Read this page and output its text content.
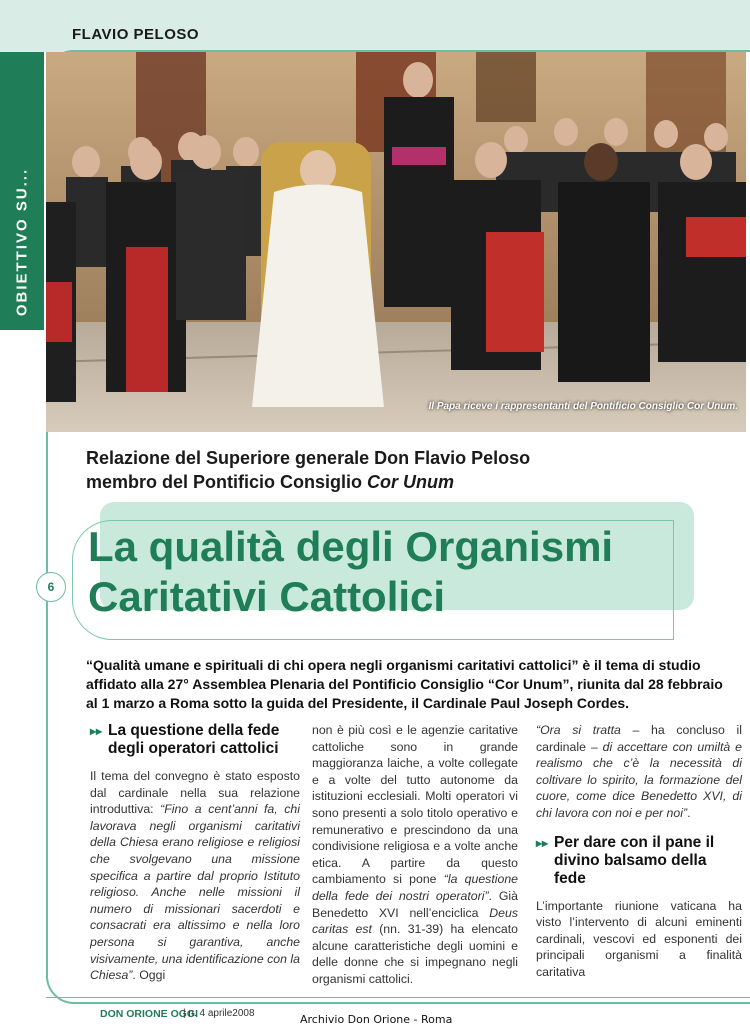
FLAVIO PELOSO
OBIETTIVO SU...
Il Papa riceve i rappresentanti del Pontificio Consiglio Cor Unum.
Relazione del Superiore generale Don Flavio Peloso
membro del Pontificio Consiglio Cor Unum
La qualità degli Organismi
Caritativi Cattolici
6
“Qualità umane e spirituali di chi opera negli organismi caritativi cattolici” è il tema di studio affidato alla 27° Assemblea Plenaria del Pontificio Consiglio “Cor Unum”, riunita dal 28 febbraio al 1 marzo a Roma sotto la guida del Presidente, il Cardinale Paul Joseph Cordes.
▸▸ La questione della fede degli operatori cattolici

Il tema del convegno è stato esposto dal cardinale nella sua relazione introduttiva: “Fino a cent’anni fa, chi lavorava negli organismi caritativi della Chiesa erano religiose e religiosi che svolgevano una missione specifica a partire dal proprio Istituto religioso. Anche nelle missioni il numero di missionari sacerdoti e consacrati era altissimo e nella loro persona si garantiva, anche visivamente, una identificazione con la Chiesa”. Oggi

non è più così e le agenzie caritative cattoliche sono in grande maggioranza laiche, a volte collegate e a volte del tutto autonome da istituzioni ecclesiali. Molti operatori vi sono presenti a solo titolo operativo e remunerativo e prescindono da una condivisione religiosa e a volte anche etica. A partire da questo cambiamento si pone “la questione della fede dei nostri operatori”. Già Benedetto XVI nell’enciclica Deus caritas est (nn. 31-39) ha elencato alcune caratteristiche degli uomini e delle donne che si impegnano negli organismi cattolici.

“Ora si tratta – ha concluso il cardinale – di accettare con umiltà e realismo che c’è la necessità di coltivare lo spirito, la formazione del cuore, come dice Benedetto XVI, di chi lavora con noi e per noi”.

▸▸ Per dare con il pane il divino balsamo della fede

L’importante riunione vaticana ha visto l’intervento di alcuni eminenti cardinali, vescovi ed esponenti dei principali organismi a finalità caritativa

DON ORIONE OGGI
| n. 4 aprile2008	Archivio Don Orione - Roma
